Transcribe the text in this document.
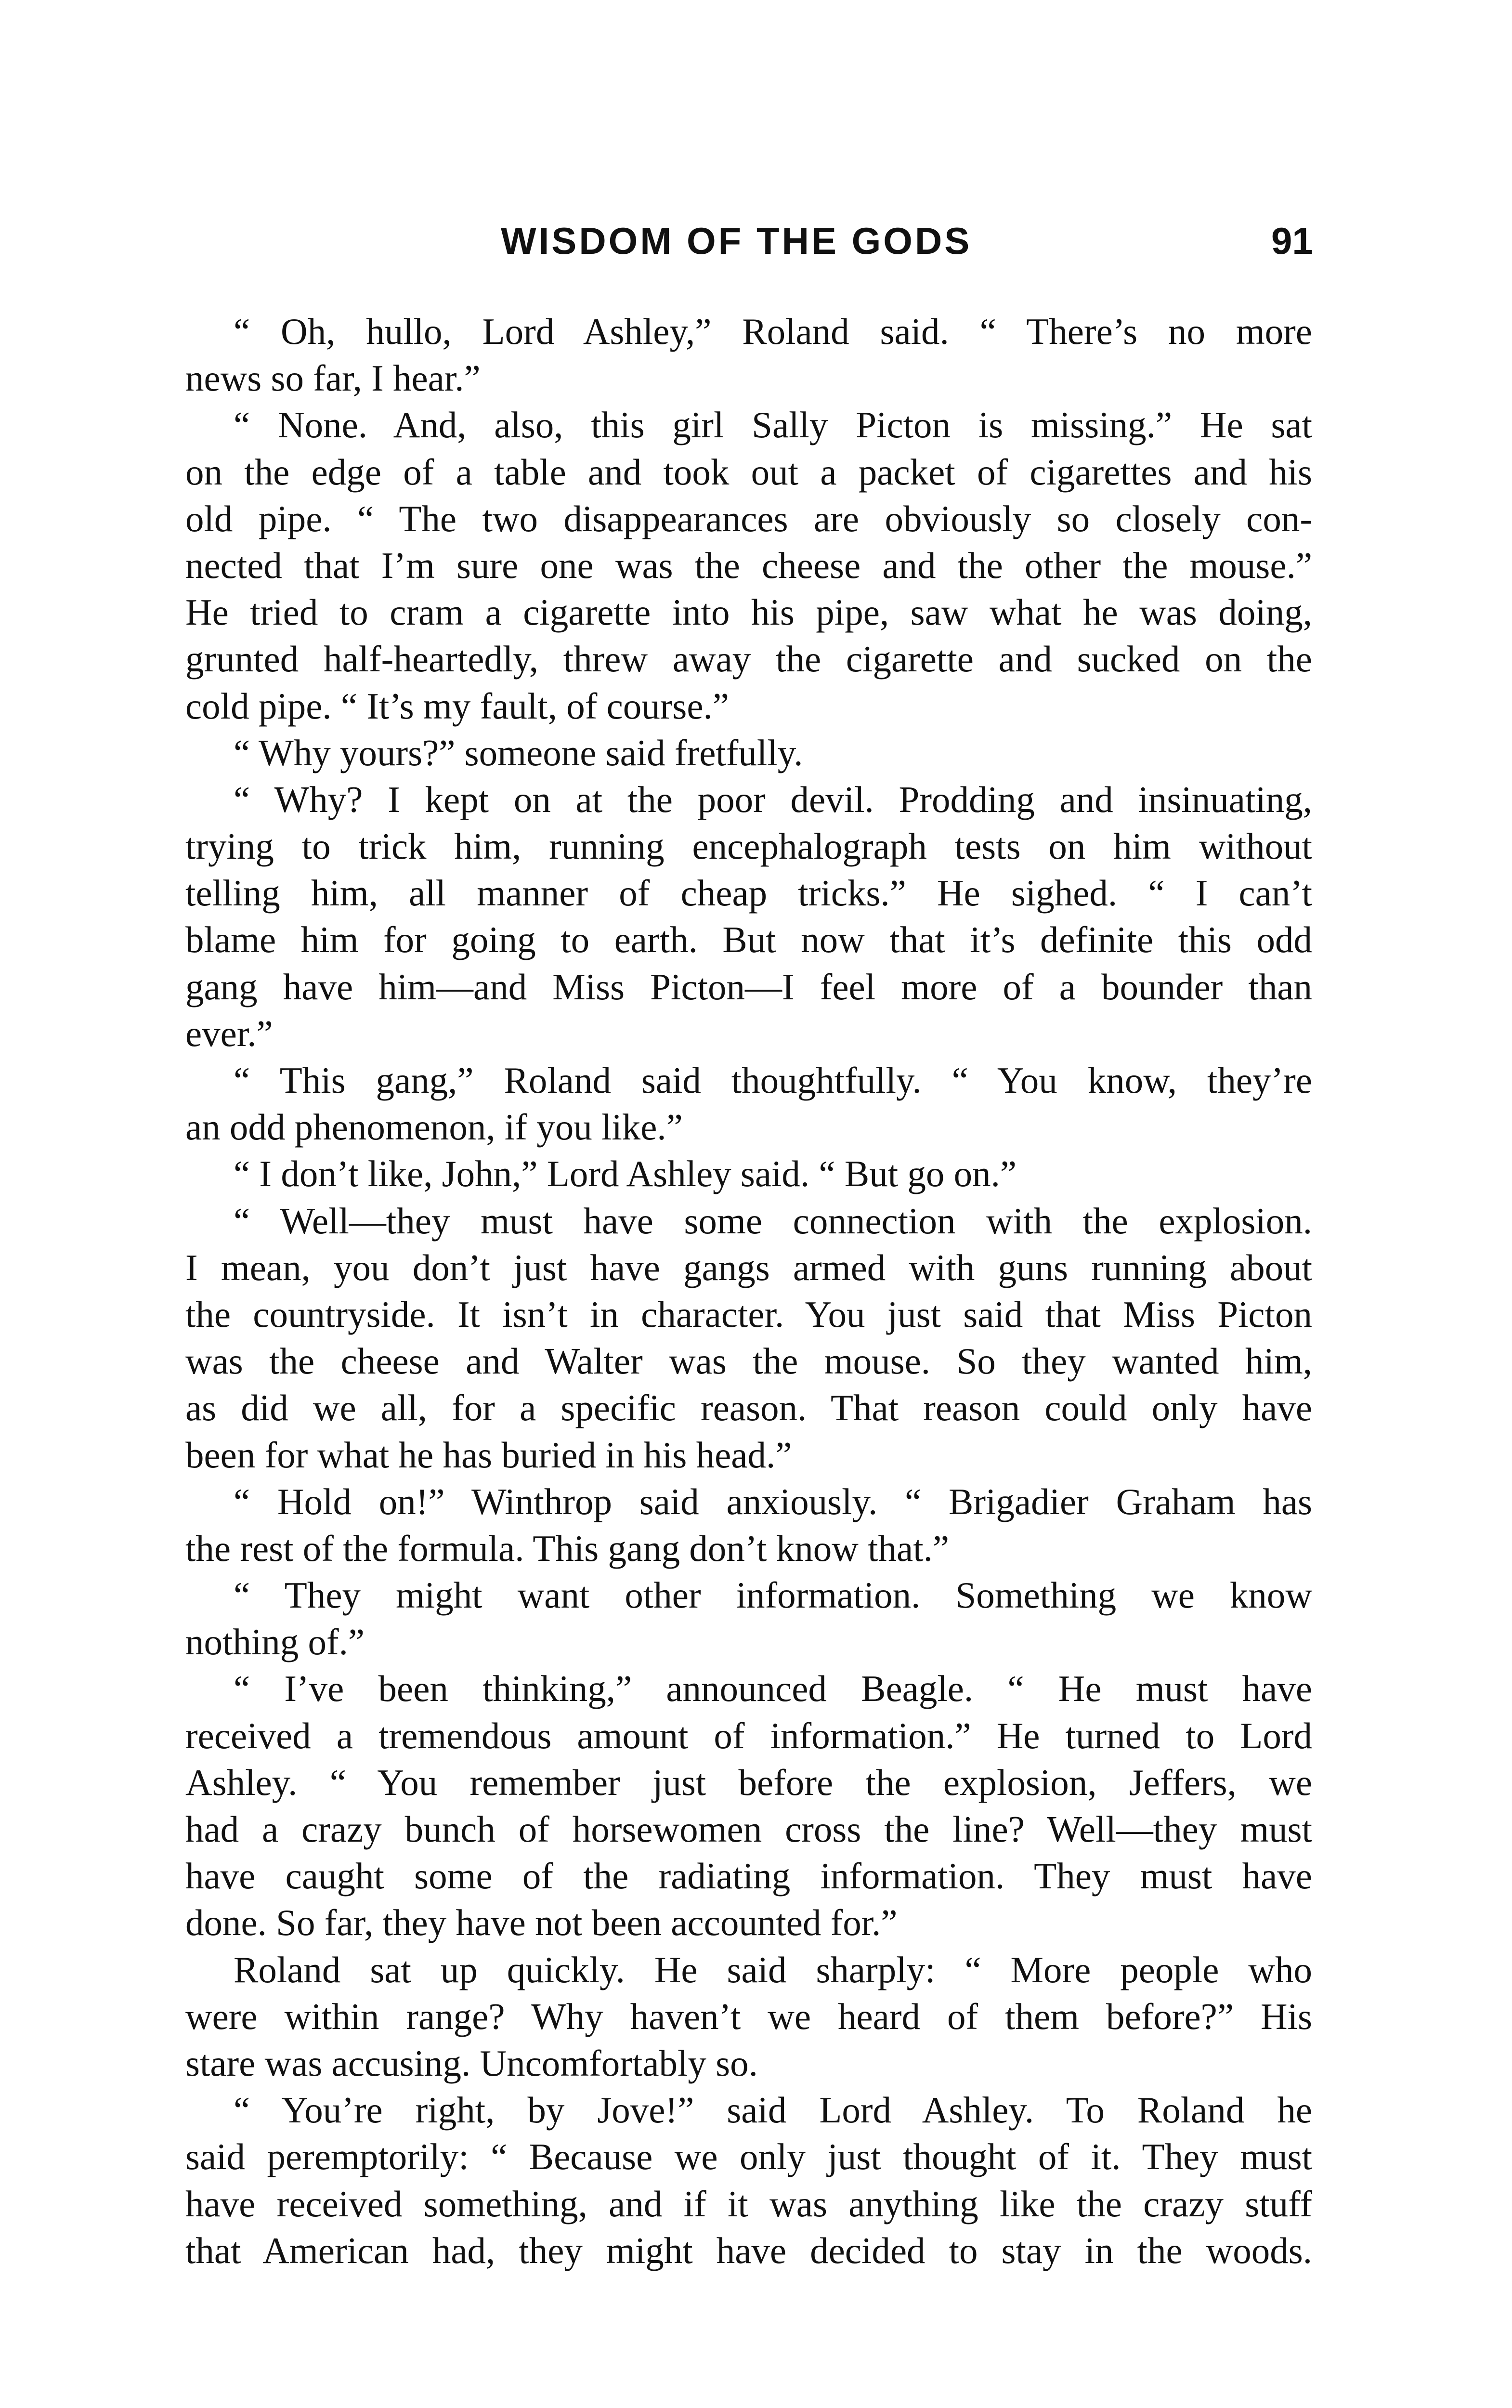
WISDOM OF THE GODS	91
“ Oh, hullo, Lord Ashley,” Roland said. “ There’s no more
news so far, I hear.”
“ None. And, also, this girl Sally Picton is missing.” He sat
on the edge of a table and took out a packet of cigarettes and his
old pipe. “ The two disappearances are obviously so closely con-
nected that I’m sure one was the cheese and the other the mouse.”
He tried to cram a cigarette into his pipe, saw what he was doing,
grunted half-heartedly, threw away the cigarette and sucked on the
cold pipe. “ It’s my fault, of course.”
“ Why yours?” someone said fretfully.
“ Why? I kept on at the poor devil. Prodding and insinuating,
trying to trick him, running encephalograph tests on him without
telling him, all manner of cheap tricks.” He sighed. “ I can’t
blame him for going to earth. But now that it’s definite this odd
gang have him—and Miss Picton—I feel more of a bounder than
ever.”
“ This gang,” Roland said thoughtfully. “ You know, they’re
an odd phenomenon, if you like.”
“ I don’t like, John,” Lord Ashley said. “ But go on.”
“ Well—they must have some connection with the explosion.
I mean, you don’t just have gangs armed with guns running about
the countryside. It isn’t in character. You just said that Miss Picton
was the cheese and Walter was the mouse. So they wanted him,
as did we all, for a specific reason. That reason could only have
been for what he has buried in his head.”
“ Hold on!” Winthrop said anxiously. “ Brigadier Graham has
the rest of the formula. This gang don’t know that.”
“ They might want other information. Something we know
nothing of.”
“ I’ve been thinking,” announced Beagle. “ He must have
received a tremendous amount of information.” He turned to Lord
Ashley. “ You remember just before the explosion, Jeffers, we
had a crazy bunch of horsewomen cross the line? Well—they must
have caught some of the radiating information. They must have
done. So far, they have not been accounted for.”
Roland sat up quickly. He said sharply: “ More people who
were within range? Why haven’t we heard of them before?” His
stare was accusing. Uncomfortably so.
“ You’re right, by Jove!” said Lord Ashley. To Roland he
said peremptorily: “ Because we only just thought of it. They must
have received something, and if it was anything like the crazy stuff
that American had, they might have decided to stay in the woods.
